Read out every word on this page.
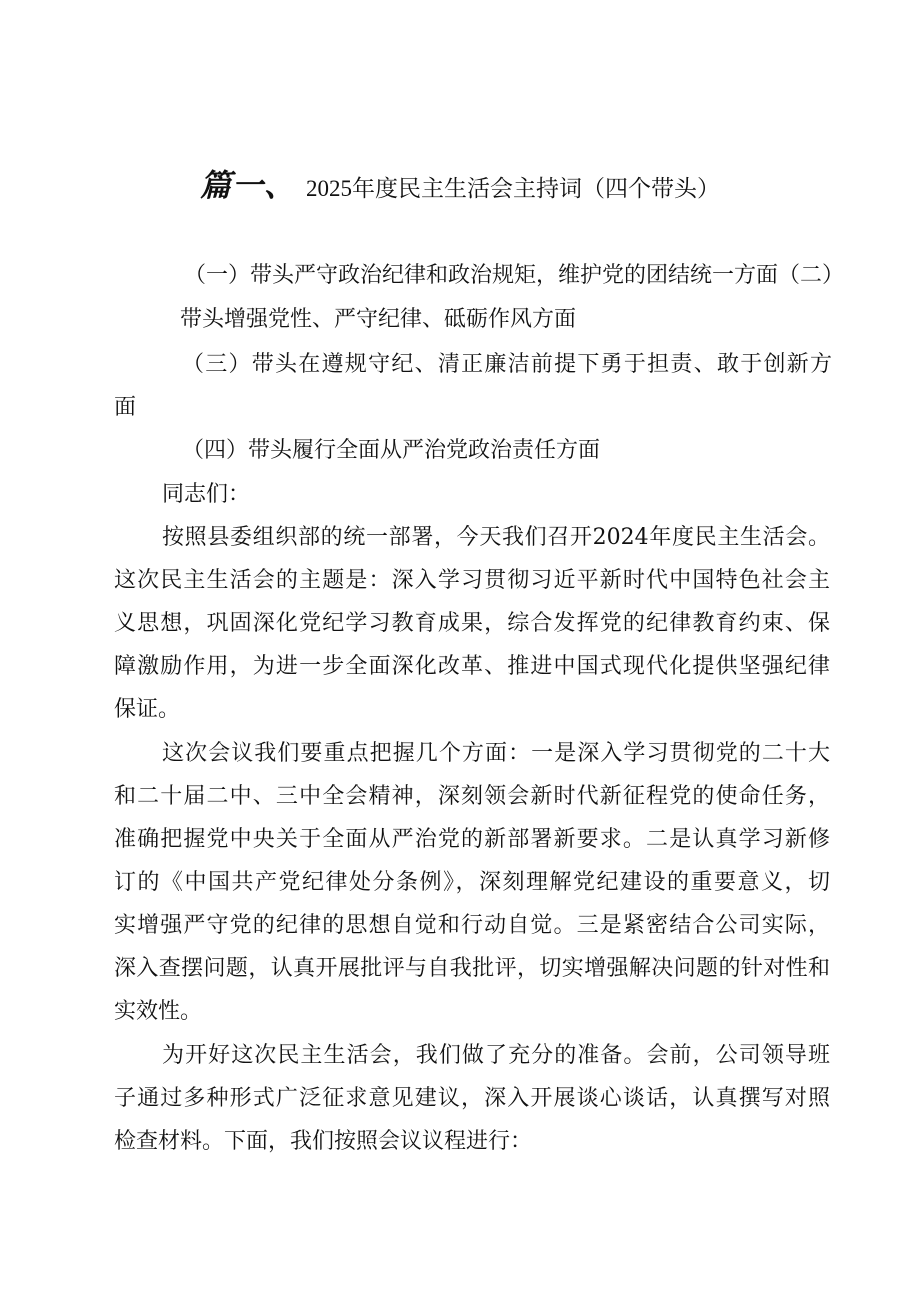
篇一、 2025年度民主生活会主持词（四个带头）
（一）带头严守政治纪律和政治规矩，维护党的团结统一方面（二）
带头增强党性、严守纪律、砥砺作风方面
（三）带头在遵规守纪、清正廉洁前提下勇于担责、敢于创新方
面
（四）带头履行全面从严治党政治责任方面
同志们：
按照县委组织部的统一部署，今天我们召开2024年度民主生活会。
这次民主生活会的主题是：深入学习贯彻习近平新时代中国特色社会主
义思想，巩固深化党纪学习教育成果，综合发挥党的纪律教育约束、保
障激励作用，为进一步全面深化改革、推进中国式现代化提供坚强纪律
保证。
这次会议我们要重点把握几个方面：一是深入学习贯彻党的二十大
和二十届二中、三中全会精神，深刻领会新时代新征程党的使命任务，
准确把握党中央关于全面从严治党的新部署新要求。二是认真学习新修
订的《中国共产党纪律处分条例》，深刻理解党纪建设的重要意义，切
实增强严守党的纪律的思想自觉和行动自觉。三是紧密结合公司实际，
深入查摆问题，认真开展批评与自我批评，切实增强解决问题的针对性和
实效性。
为开好这次民主生活会，我们做了充分的准备。会前，公司领导班
子通过多种形式广泛征求意见建议，深入开展谈心谈话，认真撰写对照
检查材料。下面，我们按照会议议程进行：
